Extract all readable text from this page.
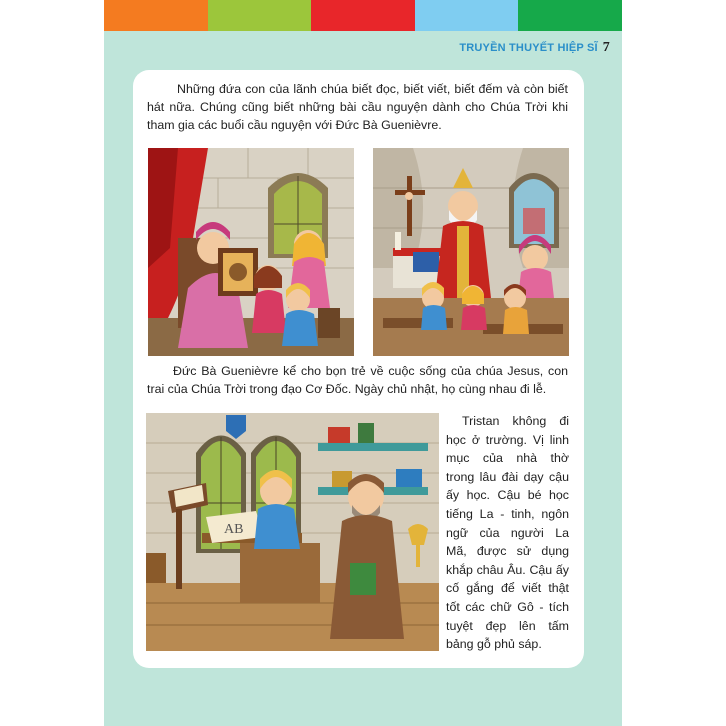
TRUYỀN THUYẾT HIỆP SĨ 7

Những đứa con của lãnh chúa biết đọc, biết viết, biết đếm và còn biết hát nữa. Chúng cũng biết những bài cầu nguyện dành cho Chúa Trời khi tham gia các buổi cầu nguyện với Đức Bà Guenièvre.

Đức Bà Guenièvre kể cho bọn trẻ về cuộc sống của chúa Jesus, con trai của Chúa Trời trong đạo Cơ Đốc. Ngày chủ nhật, họ cùng nhau đi lễ.

AB

Tristan không đi học ở trường. Vị linh mục của nhà thờ trong lâu đài dạy cậu ấy học. Cậu bé học tiếng La - tinh, ngôn ngữ của người La Mã, được sử dụng khắp châu Âu. Cậu ấy cố gắng để viết thật tốt các chữ Gô - tích tuyệt đẹp lên tấm bảng gỗ phủ sáp.
